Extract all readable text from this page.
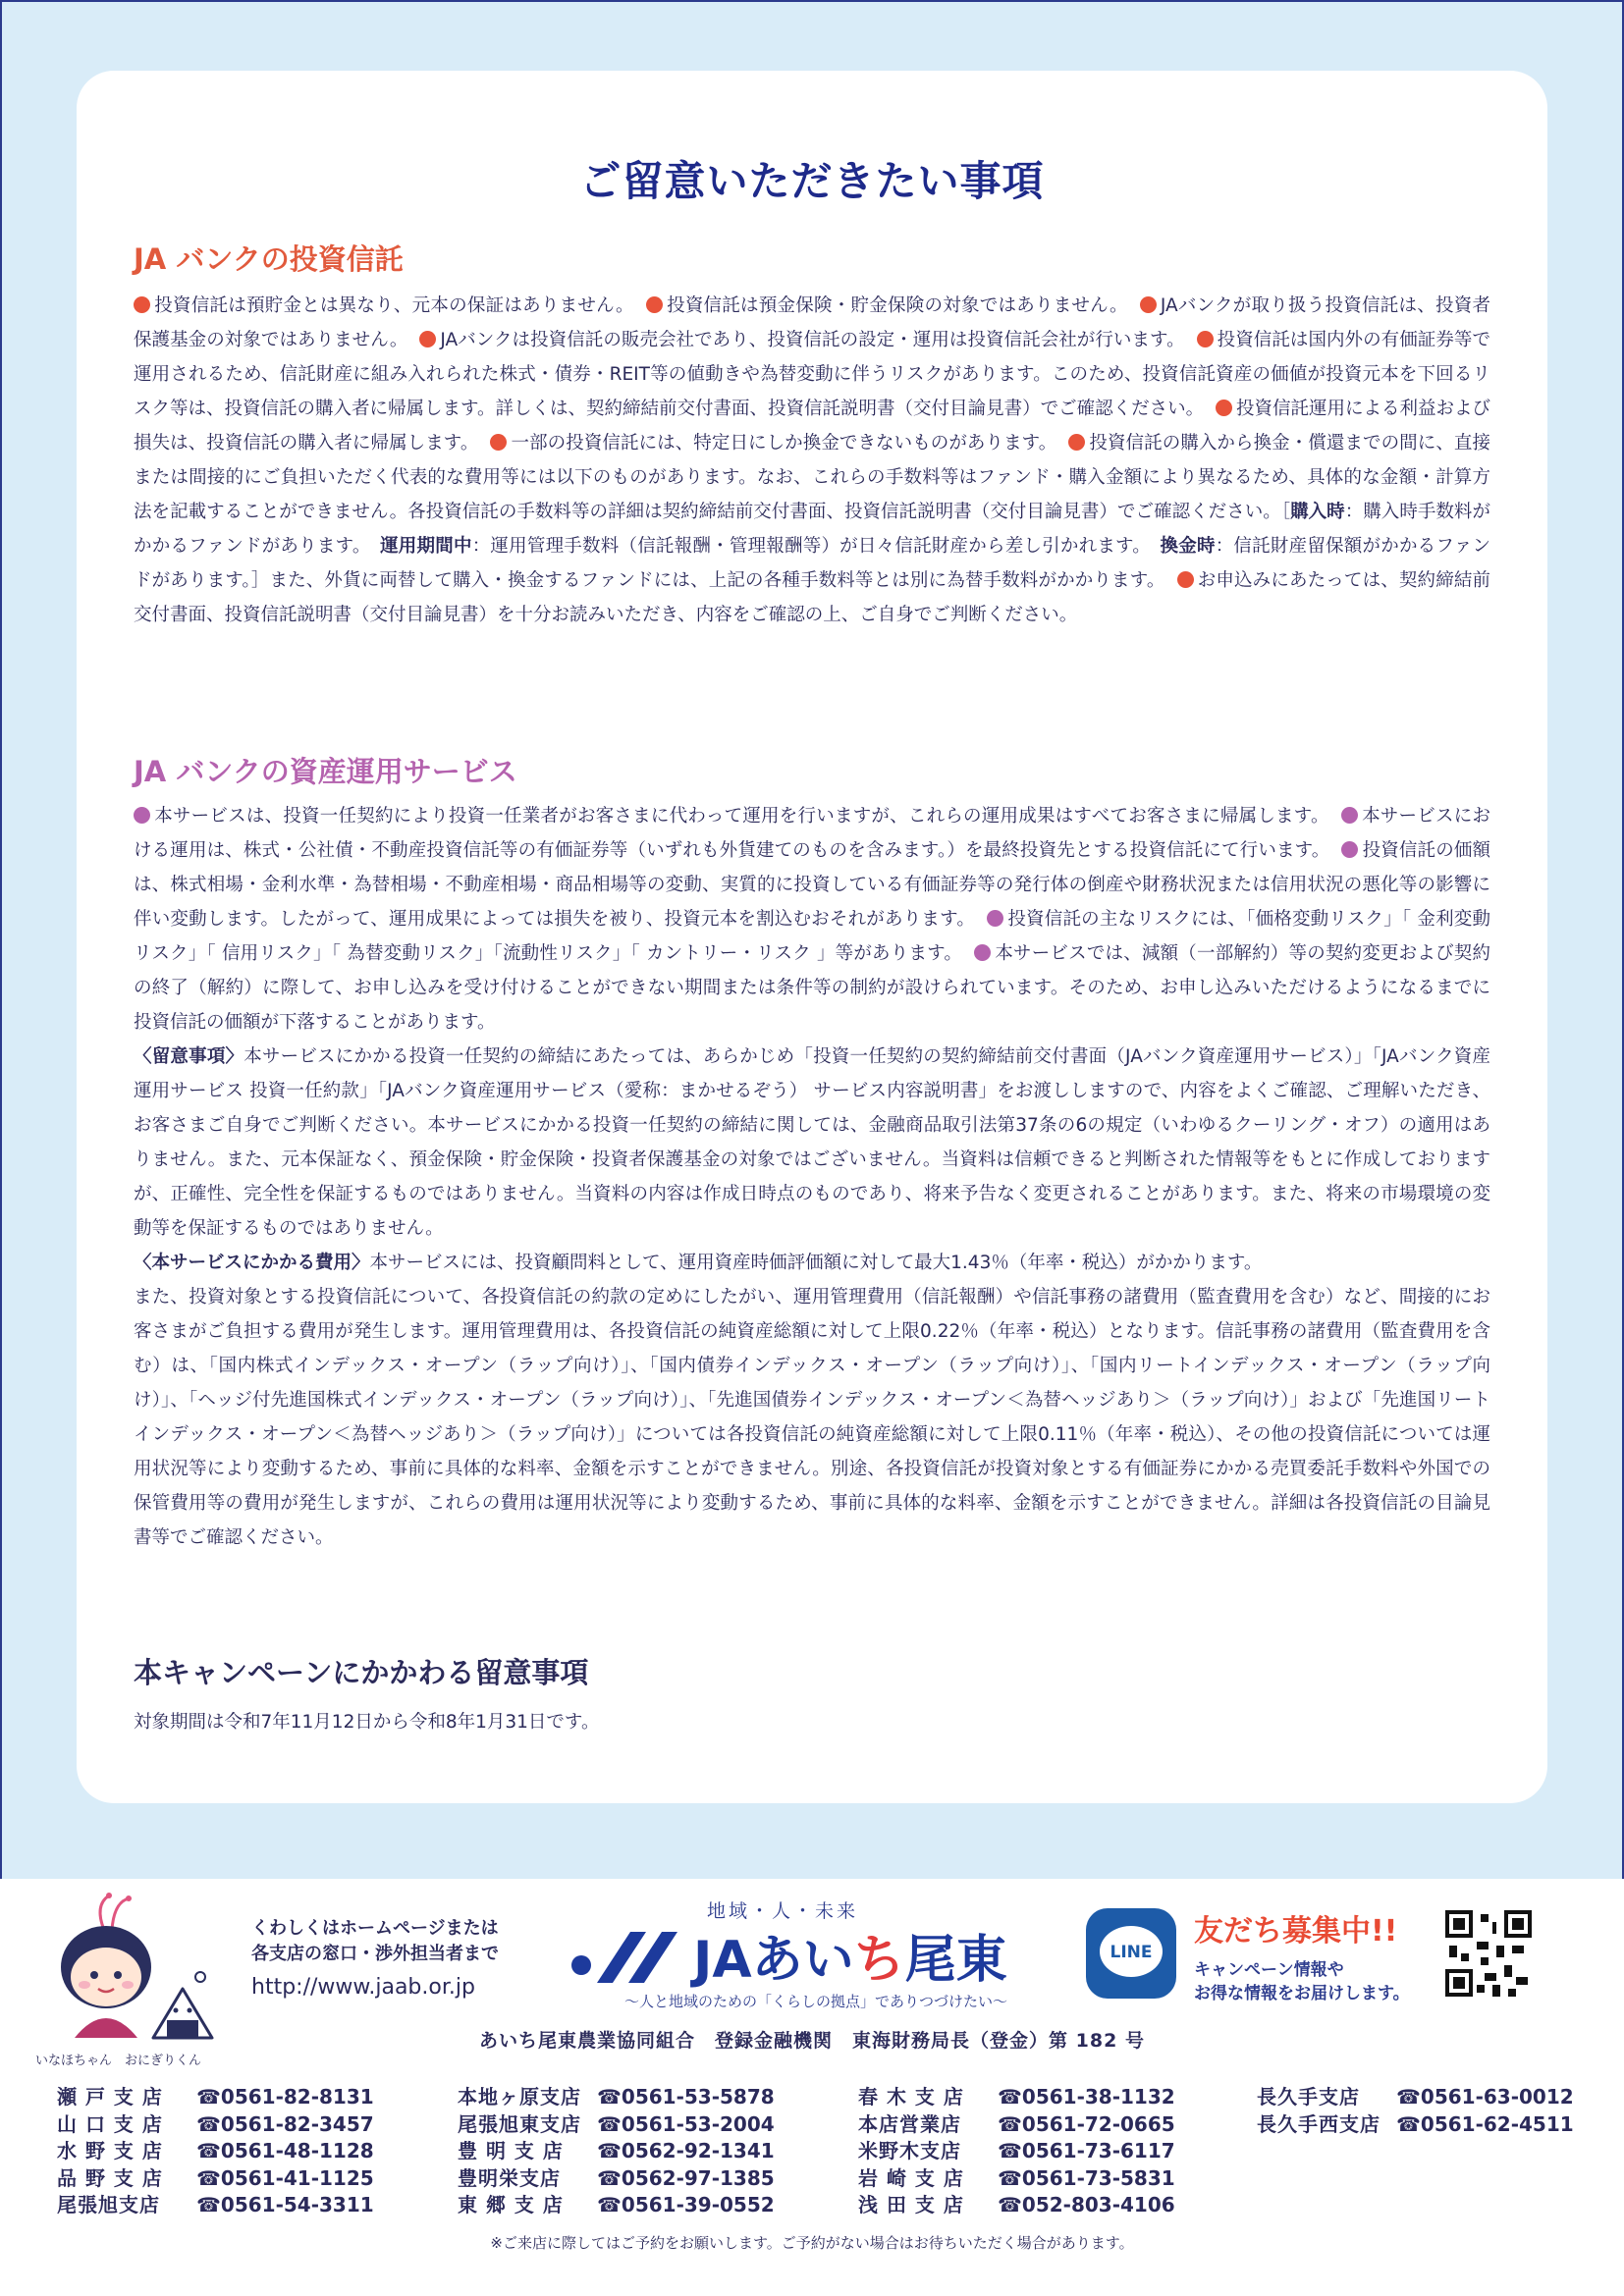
ご留意いただきたい事項
JA バンクの投資信託
投資信託は預貯金とは異なり、元本の保証はありません。 投資信託は預金保険・貯金保険の対象ではありません。 JAバンクが取り扱う投資信託は、投資者保護基金の対象ではありません。 JAバンクは投資信託の販売会社であり、投資信託の設定・運用は投資信託会社が行います。 投資信託は国内外の有価証券等で運用されるため、信託財産に組み入れられた株式・債券・REIT等の値動きや為替変動に伴うリスクがあります。このため、投資信託資産の価値が投資元本を下回るリスク等は、投資信託の購入者に帰属します。詳しくは、契約締結前交付書面、投資信託説明書（交付目論見書）でご確認ください。 投資信託運用による利益および損失は、投資信託の購入者に帰属します。 一部の投資信託には、特定日にしか換金できないものがあります。 投資信託の購入から換金・償還までの間に、直接または間接的にご負担いただく代表的な費用等には以下のものがあります。なお、これらの手数料等はファンド・購入金額により異なるため、具体的な金額・計算方法を記載することができません。各投資信託の手数料等の詳細は契約締結前交付書面、投資信託説明書（交付目論見書）でご確認ください。［購入時：購入時手数料がかかるファンドがあります。　運用期間中：運用管理手数料（信託報酬・管理報酬等）が日々信託財産から差し引かれます。　換金時：信託財産留保額がかかるファンドがあります。］また、外貨に両替して購入・換金するファンドには、上記の各種手数料等とは別に為替手数料がかかります。 お申込みにあたっては、契約締結前交付書面、投資信託説明書（交付目論見書）を十分お読みいただき、内容をご確認の上、ご自身でご判断ください。
JA バンクの資産運用サービス
本サービスは、投資一任契約により投資一任業者がお客さまに代わって運用を行いますが、これらの運用成果はすべてお客さまに帰属します。 本サービスにおける運用は、株式・公社債・不動産投資信託等の有価証券等（いずれも外貨建てのものを含みます。）を最終投資先とする投資信託にて行います。 投資信託の価額は、株式相場・金利水準・為替相場・不動産相場・商品相場等の変動、実質的に投資している有価証券等の発行体の倒産や財務状況または信用状況の悪化等の影響に伴い変動します。したがって、運用成果によっては損失を被り、投資元本を割込むおそれがあります。 投資信託の主なリスクには、「価格変動リスク」「 金利変動リスク」「 信用リスク」「 為替変動リスク」「流動性リスク」「 カントリー・リスク 」等があります。 本サービスでは、減額（一部解約）等の契約変更および契約の終了（解約）に際して、お申し込みを受け付けることができない期間または条件等の制約が設けられています。そのため、お申し込みいただけるようになるまでに投資信託の価額が下落することがあります。
〈留意事項〉本サービスにかかる投資一任契約の締結にあたっては、あらかじめ「投資一任契約の契約締結前交付書面（JAバンク資産運用サービス）」「JAバンク資産運用サービス 投資一任約款」「JAバンク資産運用サービス（愛称：まかせるぞう） サービス内容説明書」をお渡ししますので、内容をよくご確認、ご理解いただき、お客さまご自身でご判断ください。本サービスにかかる投資一任契約の締結に関しては、金融商品取引法第37条の6の規定（いわゆるクーリング・オフ）の適用はありません。また、元本保証なく、預金保険・貯金保険・投資者保護基金の対象ではございません。当資料は信頼できると判断された情報等をもとに作成しておりますが、正確性、完全性を保証するものではありません。当資料の内容は作成日時点のものであり、将来予告なく変更されることがあります。また、将来の市場環境の変動等を保証するものではありません。
〈本サービスにかかる費用〉本サービスには、投資顧問料として、運用資産時価評価額に対して最大1.43％（年率・税込）がかかります。
また、投資対象とする投資信託について、各投資信託の約款の定めにしたがい、運用管理費用（信託報酬）や信託事務の諸費用（監査費用を含む）など、間接的にお客さまがご負担する費用が発生します。運用管理費用は、各投資信託の純資産総額に対して上限0.22％（年率・税込）となります。信託事務の諸費用（監査費用を含む）は、「国内株式インデックス・オープン（ラップ向け）」、「国内債券インデックス・オープン（ラップ向け）」、「国内リートインデックス・オープン（ラップ向け）」、「ヘッジ付先進国株式インデックス・オープン（ラップ向け）」、「先進国債券インデックス・オープン＜為替ヘッジあり＞（ラップ向け）」および「先進国リートインデックス・オープン＜為替ヘッジあり＞（ラップ向け）」については各投資信託の純資産総額に対して上限0.11％（年率・税込）、その他の投資信託については運用状況等により変動するため、事前に具体的な料率、金額を示すことができません。別途、各投資信託が投資対象とする有価証券にかかる売買委託手数料や外国での保管費用等の費用が発生しますが、これらの費用は運用状況等により変動するため、事前に具体的な料率、金額を示すことができません。詳細は各投資信託の目論見書等でご確認ください。
本キャンペーンにかかわる留意事項
対象期間は令和7年11月12日から令和8年1月31日です。
いなほちゃん　おにぎりくん
くわしくはホームページまたは
各支店の窓口・渉外担当者まで
http://www.jaab.or.jp
地域・人・未来
JAあいち尾東
〜人と地域のための「くらしの拠点」でありつづけたい〜
LINE
友だち募集中!!
キャンペーン情報や
お得な情報をお届けします。
あいち尾東農業協同組合　登録金融機関　東海財務局長（登金）第 182 号
瀬 戸 支 店 ☎0561-82-8131
山 口 支 店 ☎0561-82-3457
水 野 支 店 ☎0561-48-1128
品 野 支 店 ☎0561-41-1125
尾張旭支店 ☎0561-54-3311
本地ヶ原支店 ☎0561-53-5878
尾張旭東支店 ☎0561-53-2004
豊 明 支 店 ☎0562-92-1341
豊明栄支店 ☎0562-97-1385
東 郷 支 店 ☎0561-39-0552
春 木 支 店 ☎0561-38-1132
本店営業店 ☎0561-72-0665
米野木支店 ☎0561-73-6117
岩 崎 支 店 ☎0561-73-5831
浅 田 支 店 ☎052-803-4106
長久手支店 ☎0561-63-0012
長久手西支店 ☎0561-62-4511
※ご来店に際してはご予約をお願いします。ご予約がない場合はお待ちいただく場合があります。
